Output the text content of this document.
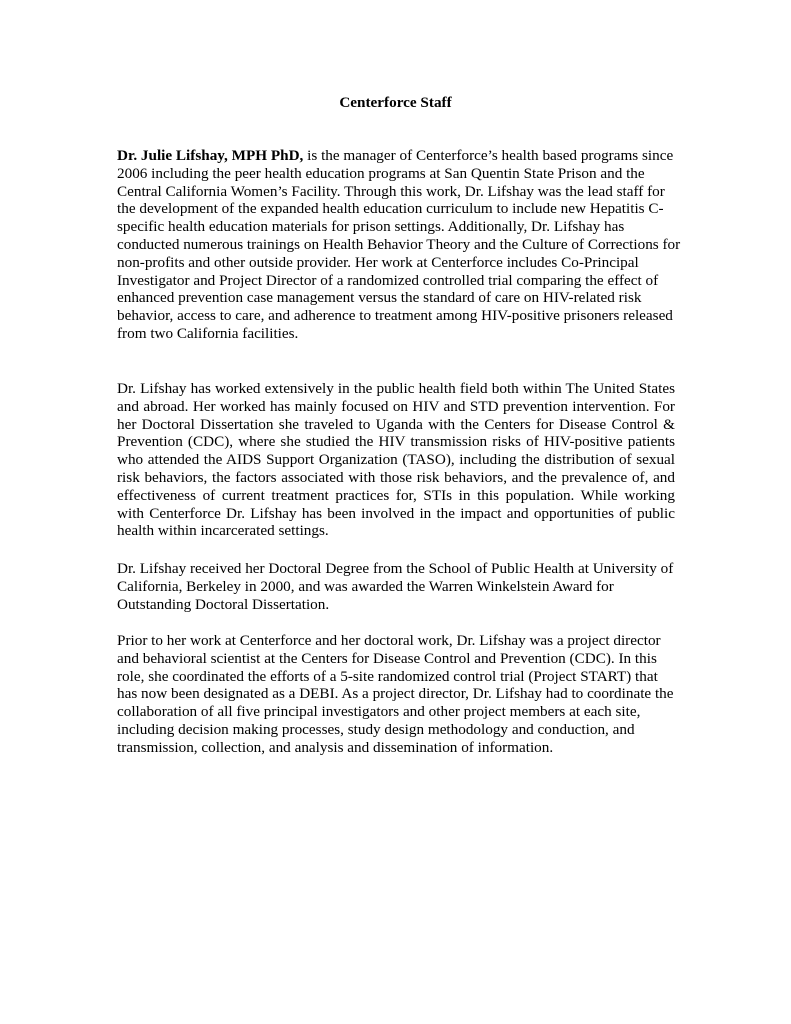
Centerforce Staff

Dr. Julie Lifshay, MPH PhD, is the manager of Centerforce’s health based programs since 2006 including the peer health education programs at San Quentin State Prison and the Central California Women’s Facility. Through this work, Dr. Lifshay was the lead staff for the development of the expanded health education curriculum to include new Hepatitis C-specific health education materials for prison settings. Additionally, Dr. Lifshay has conducted numerous trainings on Health Behavior Theory and the Culture of Corrections for non-profits and other outside provider. Her work at Centerforce includes Co-Principal Investigator and Project Director of a randomized controlled trial comparing the effect of enhanced prevention case management versus the standard of care on HIV-related risk behavior, access to care, and adherence to treatment among HIV-positive prisoners released from two California facilities.

Dr. Lifshay has worked extensively in the public health field both within The United States and abroad. Her worked has mainly focused on HIV and STD prevention intervention. For her Doctoral Dissertation she traveled to Uganda with the Centers for Disease Control & Prevention (CDC), where she studied the HIV transmission risks of HIV-positive patients who attended the AIDS Support Organization (TASO), including the distribution of sexual risk behaviors, the factors associated with those risk behaviors, and the prevalence of, and effectiveness of current treatment practices for, STIs in this population. While working with Centerforce Dr. Lifshay has been involved in the impact and opportunities of public health within incarcerated settings.

Dr. Lifshay received her Doctoral Degree from the School of Public Health at University of California, Berkeley in 2000, and was awarded the Warren Winkelstein Award for Outstanding Doctoral Dissertation.

Prior to her work at Centerforce and her doctoral work, Dr. Lifshay was a project director and behavioral scientist at the Centers for Disease Control and Prevention (CDC). In this role, she coordinated the efforts of a 5-site randomized control trial (Project START) that has now been designated as a DEBI. As a project director, Dr. Lifshay had to coordinate the collaboration of all five principal investigators and other project members at each site, including decision making processes, study design methodology and conduction, and transmission, collection, and analysis and dissemination of information.
